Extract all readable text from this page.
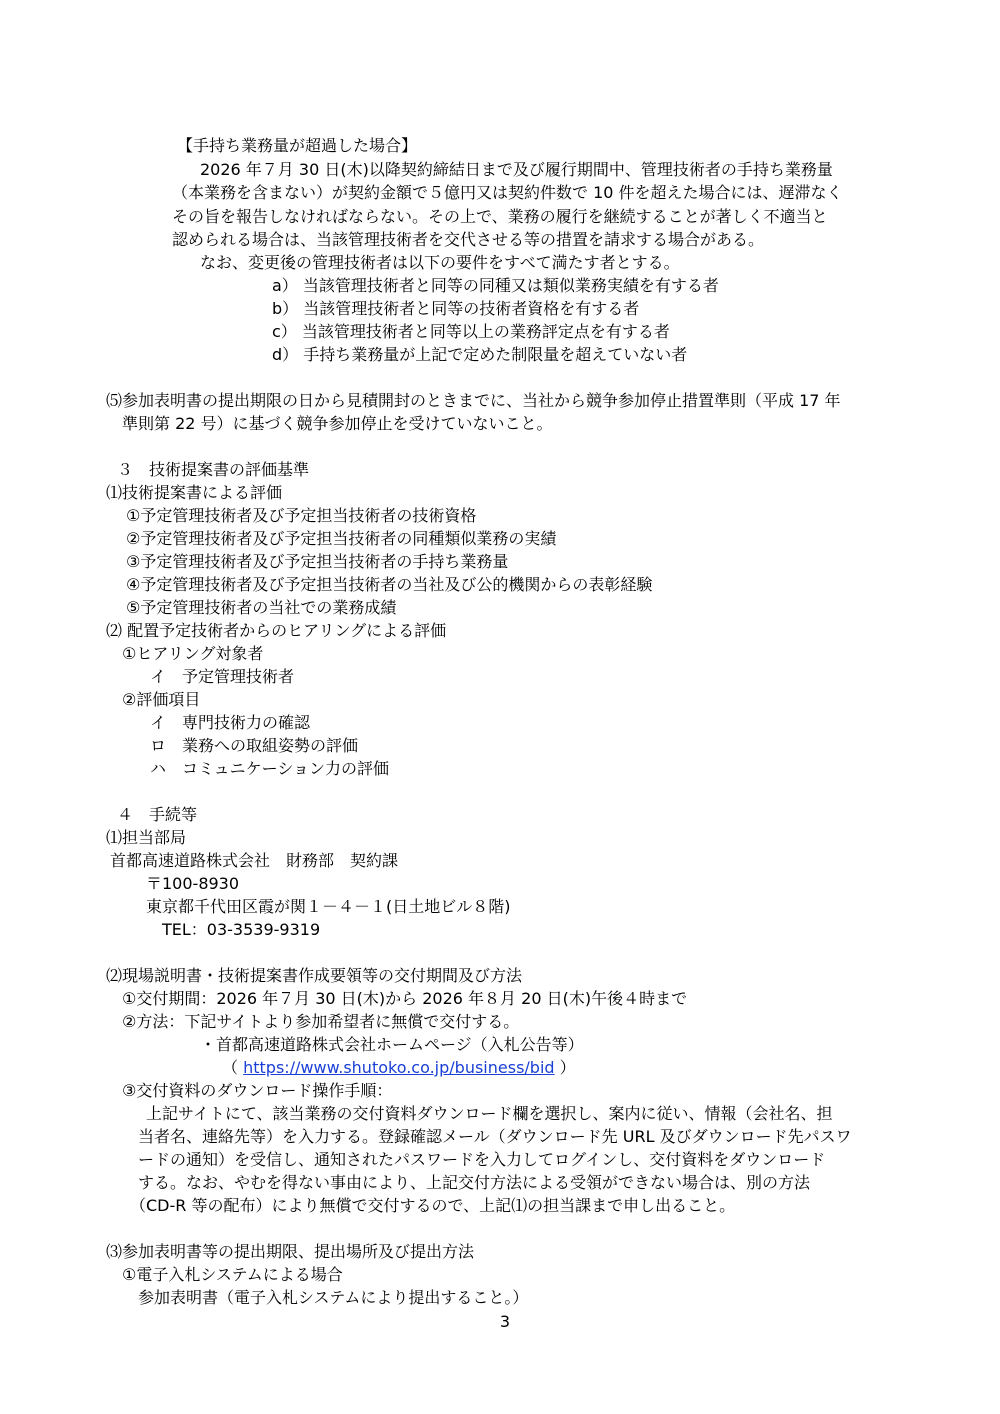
【手持ち業務量が超過した場合】
2026 年７月 30 日(木)以降契約締結日まで及び履行期間中、管理技術者の手持ち業務量
（本業務を含まない）が契約金額で５億円又は契約件数で 10 件を超えた場合には、遅滞なく
その旨を報告しなければならない。その上で、業務の履行を継続することが著しく不適当と
認められる場合は、当該管理技術者を交代させる等の措置を請求する場合がある。
なお、変更後の管理技術者は以下の要件をすべて満たす者とする。
a） 当該管理技術者と同等の同種又は類似業務実績を有する者
b） 当該管理技術者と同等の技術者資格を有する者
c） 当該管理技術者と同等以上の業務評定点を有する者
d） 手持ち業務量が上記で定めた制限量を超えていない者
⑸参加表明書の提出期限の日から見積開封のときまでに、当社から競争参加停止措置準則（平成 17 年
準則第 22 号）に基づく競争参加停止を受けていないこと。
３　技術提案書の評価基準
⑴技術提案書による評価
①予定管理技術者及び予定担当技術者の技術資格
②予定管理技術者及び予定担当技術者の同種類似業務の実績
③予定管理技術者及び予定担当技術者の手持ち業務量
④予定管理技術者及び予定担当技術者の当社及び公的機関からの表彰経験
⑤予定管理技術者の当社での業務成績
⑵ 配置予定技術者からのヒアリングによる評価
①ヒアリング対象者
イ　予定管理技術者
②評価項目
イ　専門技術力の確認
ロ　業務への取組姿勢の評価
ハ　コミュニケーション力の評価
４　手続等
⑴担当部局
首都高速道路株式会社　財務部　契約課
〒100-8930
東京都千代田区霞が関１－４－１(日土地ビル８階)
TEL：03-3539-9319
⑵現場説明書・技術提案書作成要領等の交付期間及び方法
①交付期間：2026 年７月 30 日(木)から 2026 年８月 20 日(木)午後４時まで
②方法：下記サイトより参加希望者に無償で交付する。
・首都高速道路株式会社ホームページ（入札公告等）
（ https://www.shutoko.co.jp/business/bid ）
③交付資料のダウンロード操作手順：
上記サイトにて、該当業務の交付資料ダウンロード欄を選択し、案内に従い、情報（会社名、担
当者名、連絡先等）を入力する。登録確認メール（ダウンロード先 URL 及びダウンロード先パスワ
ードの通知）を受信し、通知されたパスワードを入力してログインし、交付資料をダウンロード
する。なお、やむを得ない事由により、上記交付方法による受領ができない場合は、別の方法
（CD-R 等の配布）により無償で交付するので、上記⑴の担当課まで申し出ること。
⑶参加表明書等の提出期限、提出場所及び提出方法
①電子入札システムによる場合
参加表明書（電子入札システムにより提出すること。）
3
